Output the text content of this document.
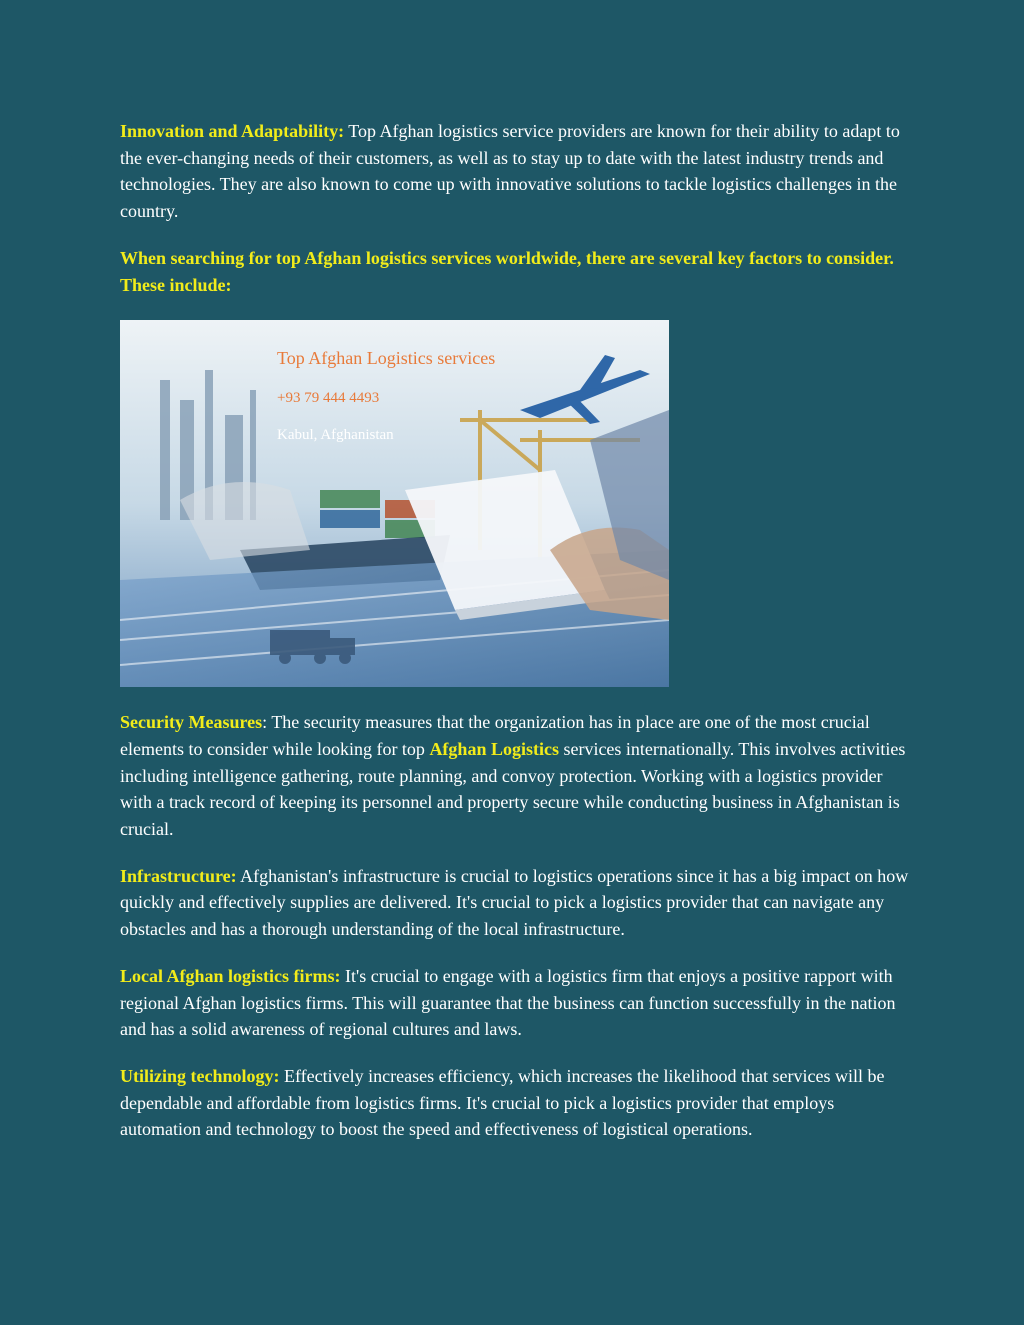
Innovation and Adaptability: Top Afghan logistics service providers are known for their ability to adapt to the ever-changing needs of their customers, as well as to stay up to date with the latest industry trends and technologies. They are also known to come up with innovative solutions to tackle logistics challenges in the country.

When searching for top Afghan logistics services worldwide, there are several key factors to consider. These include:

Top Afghan Logistics services
+93 79 444 4493
Kabul, Afghanistan

Security Measures: The security measures that the organization has in place are one of the most crucial elements to consider while looking for top Afghan Logistics services internationally. This involves activities including intelligence gathering, route planning, and convoy protection. Working with a logistics provider with a track record of keeping its personnel and property secure while conducting business in Afghanistan is crucial.

Infrastructure: Afghanistan's infrastructure is crucial to logistics operations since it has a big impact on how quickly and effectively supplies are delivered. It's crucial to pick a logistics provider that can navigate any obstacles and has a thorough understanding of the local infrastructure.

Local Afghan logistics firms: It's crucial to engage with a logistics firm that enjoys a positive rapport with regional Afghan logistics firms. This will guarantee that the business can function successfully in the nation and has a solid awareness of regional cultures and laws.

Utilizing technology: Effectively increases efficiency, which increases the likelihood that services will be dependable and affordable from logistics firms. It's crucial to pick a logistics provider that employs automation and technology to boost the speed and effectiveness of logistical operations.
